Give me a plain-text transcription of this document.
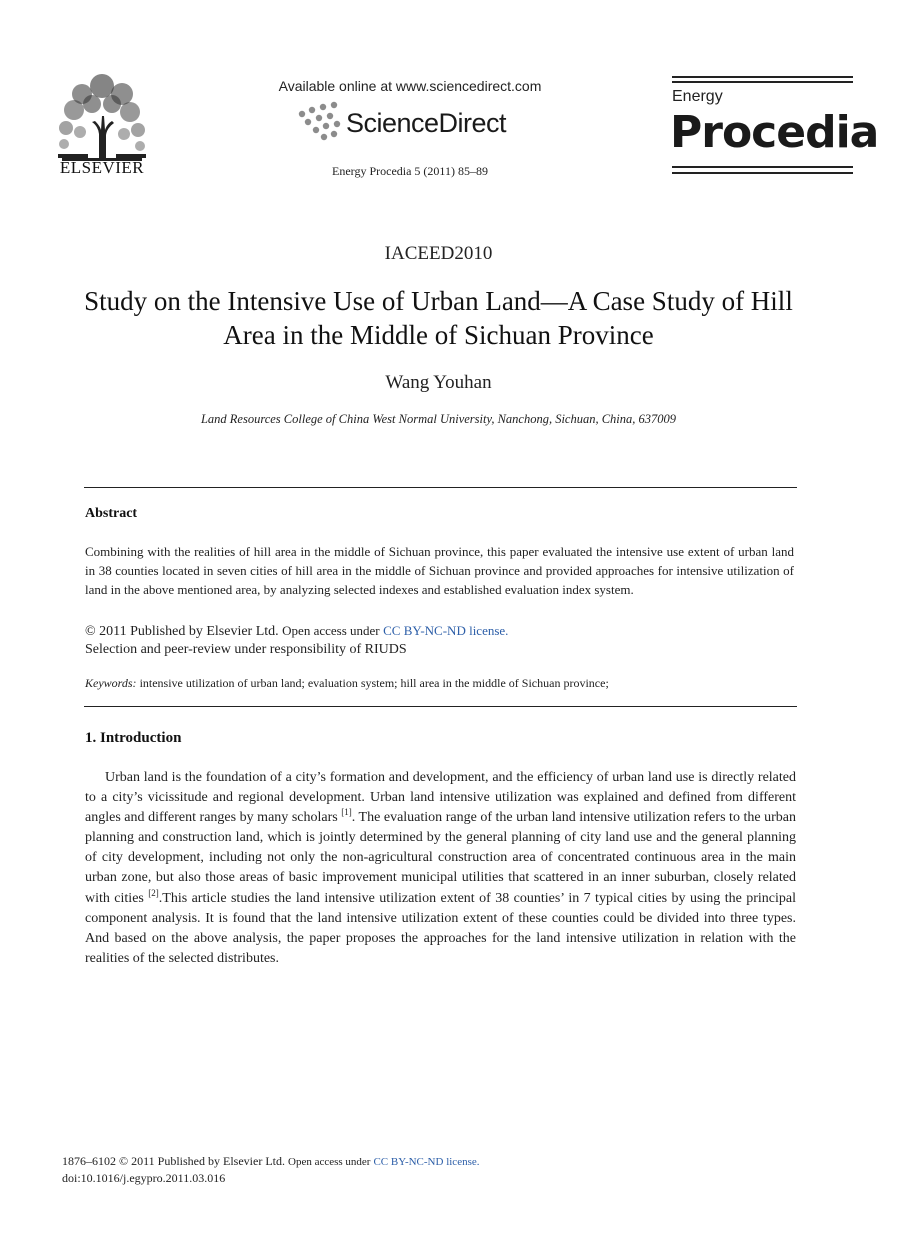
ELSEVIER
Available online at www.sciencedirect.com
ScienceDirect
Energy Procedia 5 (2011) 85–89
Energy
Procedia
IACEED2010
Study on the Intensive Use of Urban Land—A Case Study of Hill Area in the Middle of Sichuan Province
Wang Youhan
Land Resources College of China West Normal University, Nanchong, Sichuan, China, 637009
Abstract
Combining with the realities of hill area in the middle of Sichuan province, this paper evaluated the intensive use extent of urban land in 38 counties located in seven cities of hill area in the middle of Sichuan province and provided approaches for intensive utilization of land in the above mentioned area, by analyzing selected indexes and established evaluation index system.
© 2011 Published by Elsevier Ltd. Open access under CC BY-NC-ND license.
Selection and peer-review under responsibility of RIUDS
Keywords: intensive utilization of urban land; evaluation system; hill area in the middle of Sichuan province;
1. Introduction
Urban land is the foundation of a city’s formation and development, and the efficiency of urban land use is directly related to a city’s vicissitude and regional development. Urban land intensive utilization was explained and defined from different angles and different ranges by many scholars [1]. The evaluation range of the urban land intensive utilization refers to the urban planning and construction land, which is jointly determined by the general planning of city land use and the general planning of city development, including not only the non-agricultural construction area of concentrated continuous area in the main urban zone, but also those areas of basic improvement municipal utilities that scattered in an inner suburban, closely related with cities [2].This article studies the land intensive utilization extent of 38 counties’ in 7 typical cities by using the principal component analysis. It is found that the land intensive utilization extent of these counties could be divided into three types. And based on the above analysis, the paper proposes the approaches for the land intensive utilization in relation with the realities of the selected distributes.
1876–6102 © 2011 Published by Elsevier Ltd. Open access under CC BY-NC-ND license.
doi:10.1016/j.egypro.2011.03.016
